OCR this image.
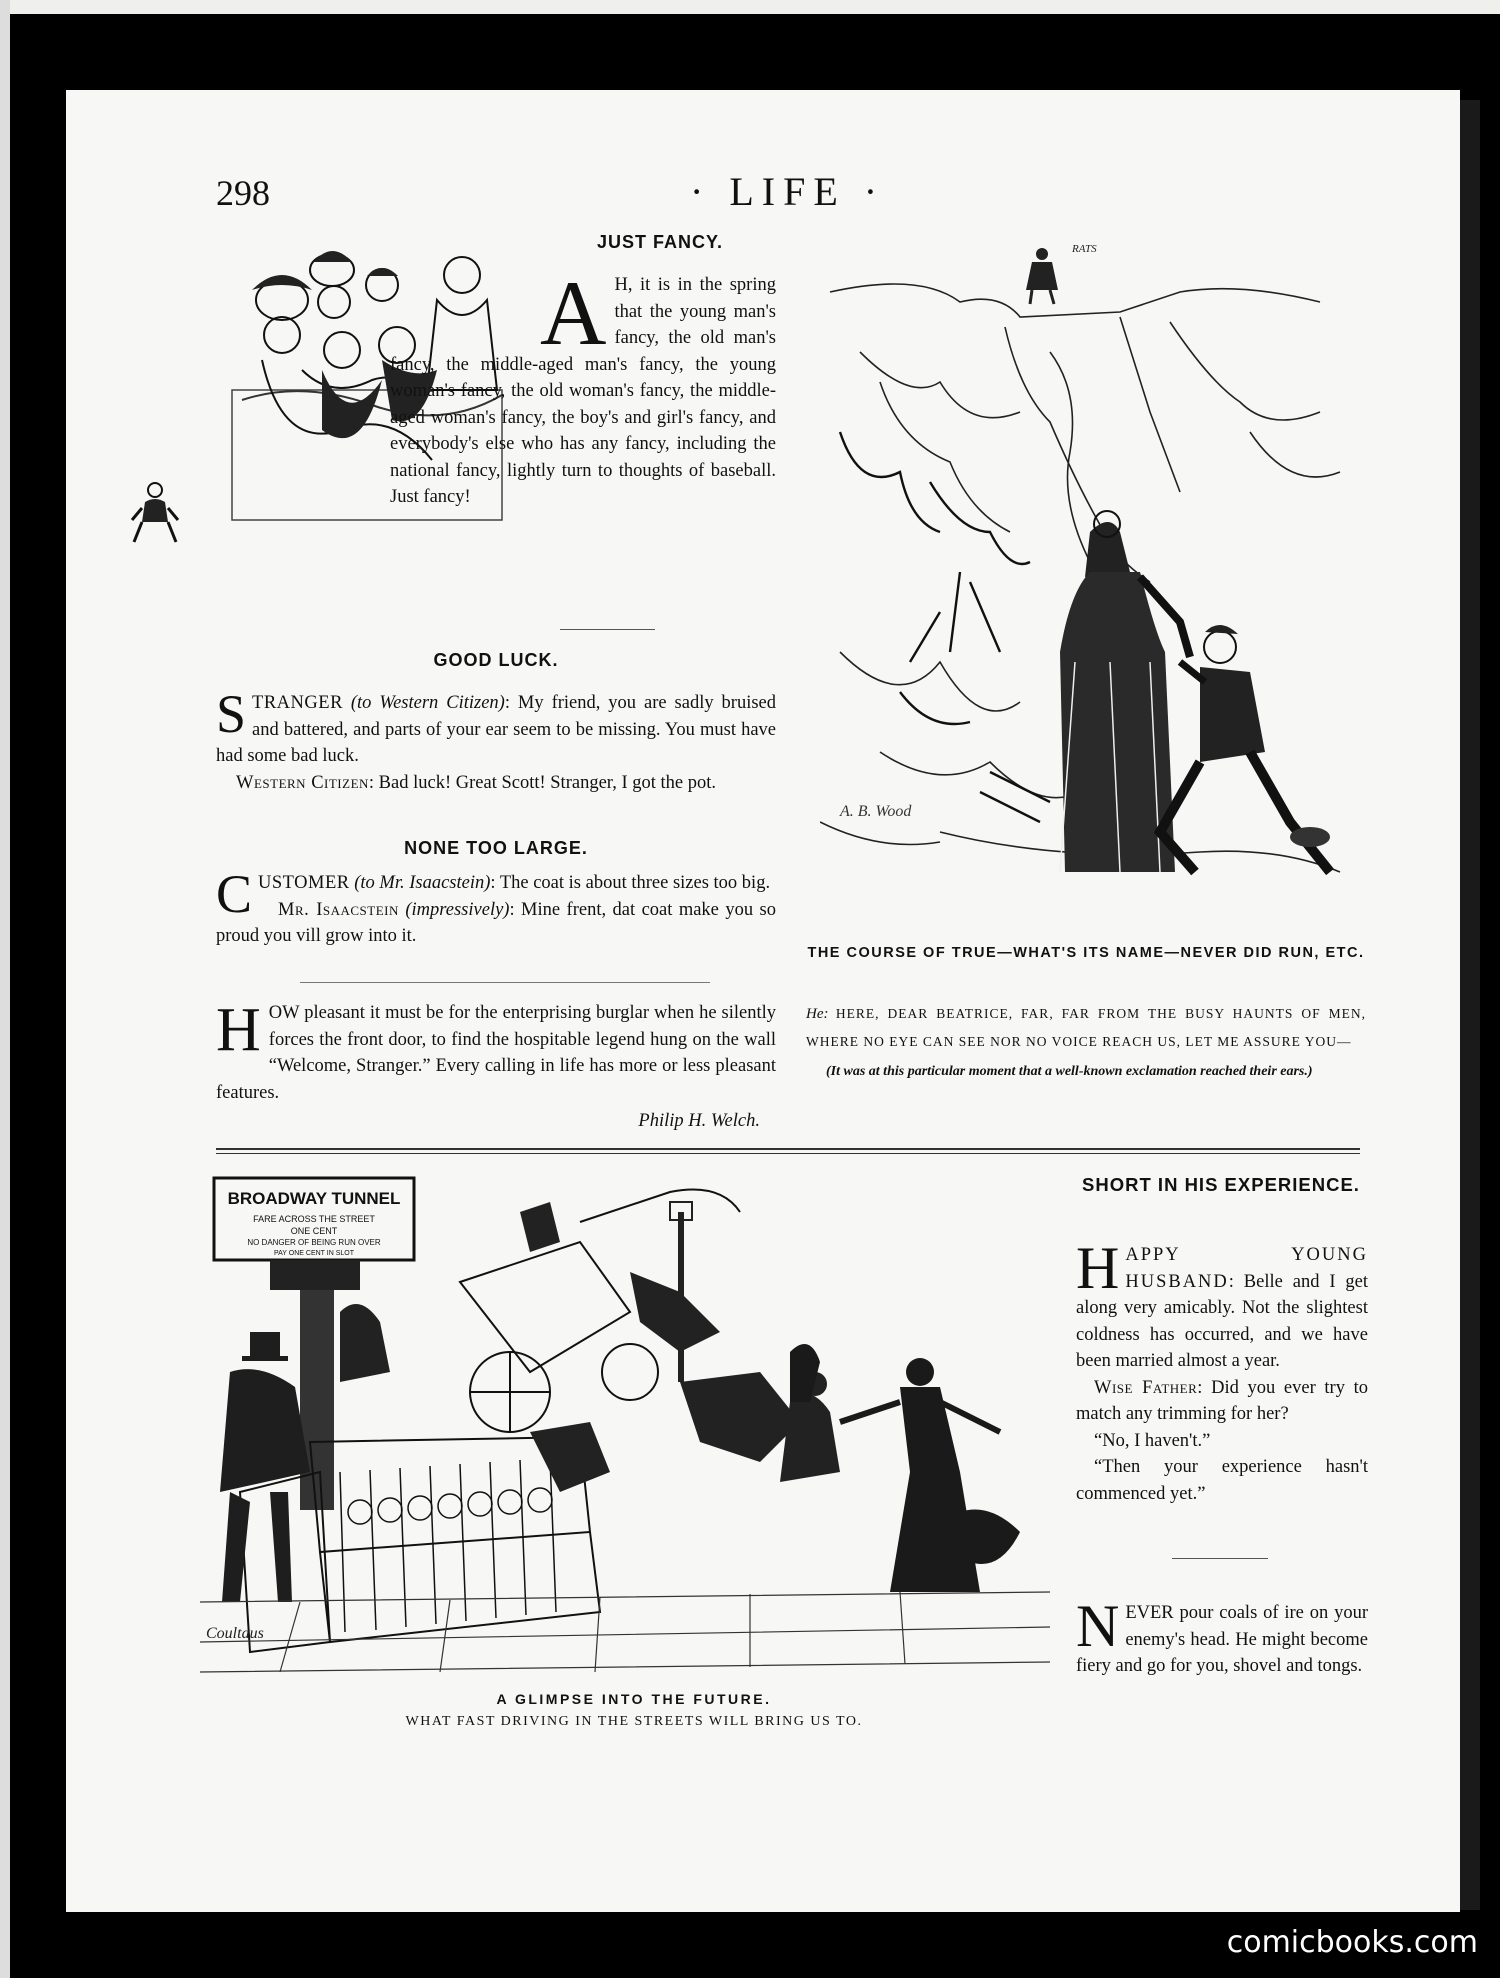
298	· LIFE ·
JUST FANCY.

A H, it is in the spring that the young man's fancy, the old man's fancy, the middle-aged man's fancy, the young woman's fancy, the old woman's fancy, the middle-aged woman's fancy, the boy's and girl's fancy, and everybody's else who has any fancy, including the national fancy, lightly turn to thoughts of baseball. Just fancy!

GOOD LUCK.

STRANGER (to Western Citizen): My friend, you are sadly bruised and battered, and parts of your ear seem to be missing. You must have had some bad luck.

Western Citizen: Bad luck! Great Scott! Stranger, I got the pot.

NONE TOO LARGE.

CUSTOMER (to Mr. Isaacstein): The coat is about three sizes too big.

Mr. Isaacstein (impressively): Mine frent, dat coat make you so proud you vill grow into it.

HOW pleasant it must be for the enterprising burglar when he silently forces the front door, to find the hospitable legend hung on the wall “Welcome, Stranger.” Every calling in life has more or less pleasant features.

Philip H. Welch.

RATS
A. B. Wood
THE COURSE OF TRUE—WHAT'S ITS NAME—NEVER DID RUN, ETC.
He: HERE, DEAR BEATRICE, FAR, FAR FROM THE BUSY HAUNTS OF MEN, WHERE NO EYE CAN SEE NOR NO VOICE REACH US, LET ME ASSURE YOU—
(It was at this particular moment that a well-known exclamation reached their ears.)
BROADWAY TUNNEL
FARE ACROSS THE STREET
ONE CENT
NO DANGER OF BEING RUN OVER
PAY ONE CENT IN SLOT
Coultaus
A GLIMPSE INTO THE FUTURE.
WHAT FAST DRIVING IN THE STREETS WILL BRING US TO.
SHORT IN HIS EXPERIENCE.

HAPPY YOUNG HUSBAND: Belle and I get along very amicably. Not the slightest coldness has occurred, and we have been married almost a year.

Wise Father: Did you ever try to match any trimming for her?

“No, I haven't.”

“Then your experience hasn't commenced yet.”

NEVER pour coals of ire on your enemy's head. He might become fiery and go for you, shovel and tongs.

comicbooks.com
